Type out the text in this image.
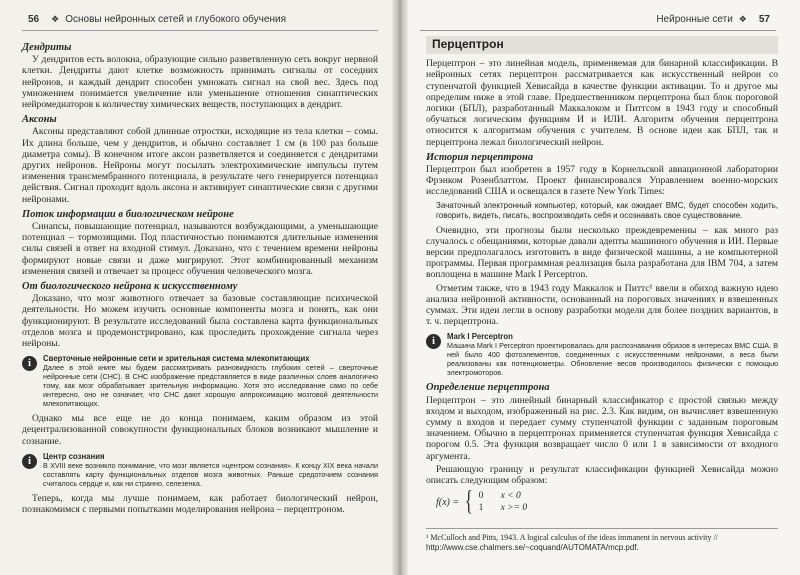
56 ❖ Основы нейронных сетей и глубокого обучения
Дендриты

У дендритов есть волокна, образующие сильно разветвленную сеть вокруг нервной клетки. Дендриты дают клетке возможность принимать сигналы от соседних нейронов, и каждый дендрит способен умножать сигнал на свой вес. Здесь под умножением понимается увеличение или уменьшение отношения синаптических нейромедиаторов к количеству химических веществ, поступающих в дендрит.

Аксоны

Аксоны представляют собой длинные отростки, исходящие из тела клетки – сомы. Их длина больше, чем у дендритов, и обычно составляет 1 см (в 100 раз больше диаметра сомы). В конечном итоге аксон разветвляется и соединяется с дендритами других нейронов. Нейроны могут посылать электрохимические импульсы путем изменения трансмембранного потенциала, в результате чего генерируется потенциал действия. Сигнал проходит вдоль аксона и активирует синаптические связи с другими нейронами.

Поток информации в биологическом нейроне

Синапсы, повышающие потенциал, называются возбуждающими, а уменьшающие потенциал – тормозящими. Под пластичностью понимаются длительные изменения силы связей в ответ на входной стимул. Доказано, что с течением времени нейроны формируют новые связи и даже мигрируют. Этот комбинированный механизм изменения связей и отвечает за процесс обучения человеческого мозга.

От биологического нейрона к искусственному

Доказано, что мозг животного отвечает за базовые составляющие психической деятельности. Но можем изучить основные компоненты мозга и понять, как они функционируют. В результате исследований была составлена карта функциональных отделов мозга и продемонстрировано, как проследить прохождение сигнала через нейроны.

i	Сверточные нейронные сети и зрительная система млекопитающих
Далее в этой книге мы будем рассматривать разновидность глубоких сетей – сверточные нейронные сети (СНС). В СНС изображение представляется в виде различных слоев аналогично тому, как мозг обрабатывает зрительную информацию. Хотя это исследование само по себе интересно, оно не означает, что СНС дают хорошую аппроксимацию мозговой деятельности млекопитающих.

Однако мы все еще не до конца понимаем, каким образом из этой децентрализованной совокупности функциональных блоков возникают мышление и сознание.

i	Центр сознания
В XVIII веке возникло понимание, что мозг является «центром сознания». К концу XIX века начали составлять карту функциональных отделов мозга животных. Раньше средоточием сознания считалось сердце и, как ни странно, селезенка.

Теперь, когда мы лучше понимаем, как работает биологический нейрон, познакомимся с первыми попытками моделирования нейрона – перцептроном.

Нейронные сети ❖ 57
Перцептрон

Перцептрон – это линейная модель, применяемая для бинарной классификации. В нейронных сетях перцептрон рассматривается как искусственный нейрон со ступенчатой функцией Хевисайда в качестве функции активации. То и другое мы определим ниже в этой главе. Предшественником перцептрона был блок пороговой логики (БПЛ), разработанный Маккалоком и Питтсом в 1943 году и способный обучаться логическим функциям И и ИЛИ. Алгоритм обучения перцептрона относится к алгоритмам обучения с учителем. В основе идеи как БПЛ, так и перцептрона лежал биологический нейрон.

История перцептрона

Перцептрон был изобретен в 1957 году в Корнельской авиационной лаборатории Фрэнком Розенблаттом. Проект финансировался Управлением военно-морских исследований США и освещался в газете New York Times:

Зачаточный электронный компьютер, который, как ожидает ВМС, будет способен ходить, говорить, видеть, писать, воспроизводить себя и осознавать свое существование.

Очевидно, эти прогнозы были несколько преждевременны – как много раз случалось с обещаниями, которые давали адепты машинного обучения и ИИ. Первые версии предполагалось изготовить в виде физической машины, а не компьютерной программы. Первая программная реализация была разработана для IBM 704, а затем воплощена в машине Mark I Perceptron.

Отметим также, что в 1943 году Маккалок и Питтс¹ ввели в обиход важную идею анализа нейронной активности, основанный на пороговых значениях и взвешенных суммах. Эти идеи легли в основу разработки модели для более поздних вариантов, в т. ч. перцептрона.

i	Mark I Perceptron
Машина Mark I Perceptron проектировалась для распознавания образов в интересах ВМС США. В ней было 400 фотоэлементов, соединенных с искусственными нейронами, а веса были реализованы как потенциометры. Обновление весов производилось физически с помощью электромоторов.
Определение перцептрона

Перцептрон – это линейный бинарный классификатор с простой связью между входом и выходом, изображенный на рис. 2.3. Как видим, он вычисляет взвешенную сумму n входов и передает сумму ступенчатой функции с заданным пороговым значением. Обычно в перцептронах применяется ступенчатая функция Хевисайда с порогом 0.5. Эта функция возвращает число 0 или 1 в зависимости от входного аргумента.

Решающую границу и результат классификации функцией Хевисайда можно описать следующим образом:

f(x) = { 0 x < 0
1 x >= 0
¹ McCulloch and Pitts, 1943. A logical calculus of the ideas immanent in nervous activity //
http://www.cse.chalmers.se/~coquand/AUTOMATA/mcp.pdf.
